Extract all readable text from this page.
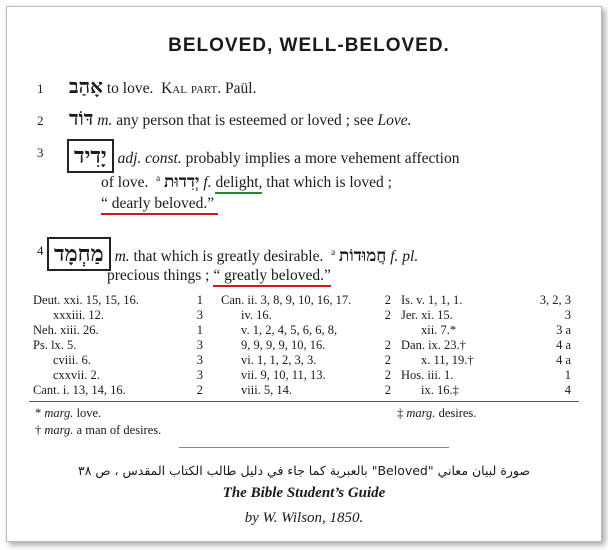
BELOVED, WELL-BELOVED.
1 אָהַב to love. Kal part. Paül.
2 דּוֹד m. any person that is esteemed or loved ; see Love.
3	יָדִיד adj. const. probably implies a more vehement affection
of love. $^a$ יְדִדוּת f. delight, that which is loved ;
“ dearly beloved.”
4 מַחְמָד m. that which is greatly desirable. $^a$ חֲמוּדוֹת f. pl.
precious things ; “ greatly beloved.”
Deut. xxi. 15, 15, 16.	1
xxxiii. 12.	3
Neh. xiii. 26.	1
Ps. lx. 5.	3
cviii. 6.	3
cxxvii. 2.	3
Cant. i. 13, 14, 16.	2
Can. ii. 3, 8, 9, 10, 16, 17.	2
iv. 16.	2
v. 1, 2, 4, 5, 6, 6, 8,
9, 9, 9, 9, 10, 16.	2
vi. 1, 1, 2, 3, 3.	2
vii. 9, 10, 11, 13.	2
viii. 5, 14.	2
Is. v. 1, 1, 1.	3, 2, 3
Jer. xi. 15.	3
xii. 7.*	3 a
Dan. ix. 23.†	4 a
x. 11, 19.†	4 a
Hos. iii. 1.	1
ix. 16.‡	4
* marg. love.
† marg. a man of desires.
‡ marg. desires.
صورة لبيان معاني "Beloved" بالعبرية كما جاء في دليل طالب الكتاب المقدس ، ص ٣٨
The Bible Student’s Guide
by W. Wilson, 1850.
